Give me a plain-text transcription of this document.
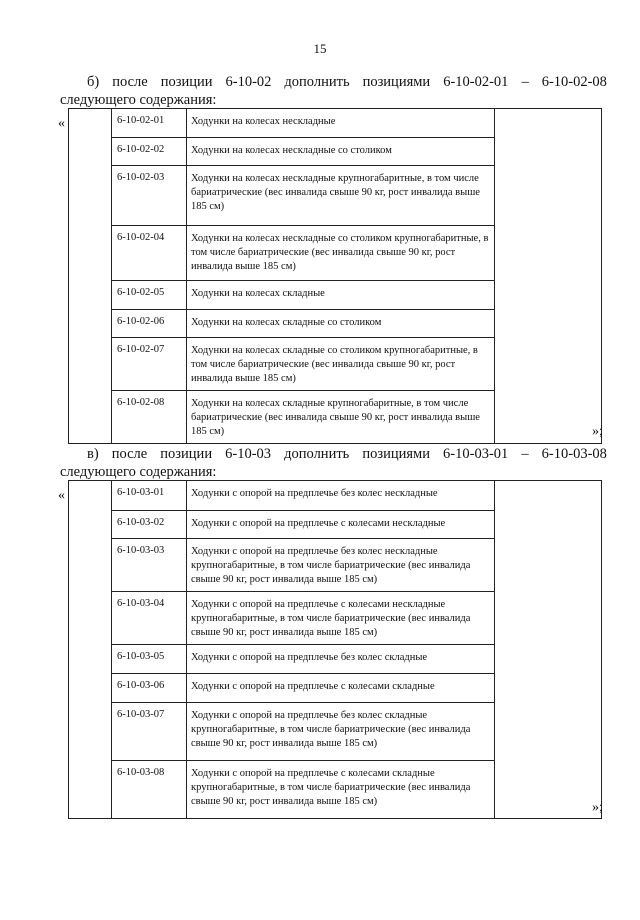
15
б) после позиции 6-10-02 дополнить позициями 6-10-02-01 – 6-10-02-08
следующего содержания:
«
		6-10-02-01	Ходунки на колесах нескладные	
	6-10-02-02	Ходунки на колесах нескладные со столиком	
	6-10-02-03	Ходунки на колесах нескладные крупногабаритные, в том числе бариатрические (вес инвалида свыше 90 кг, рост инвалида выше 185 см)	
	6-10-02-04	Ходунки на колесах нескладные со столиком крупногабаритные, в том числе бариатрические (вес инвалида свыше 90 кг, рост инвалида выше 185 см)	
	6-10-02-05	Ходунки на колесах складные	
	6-10-02-06	Ходунки на колесах складные со столиком	
	6-10-02-07	Ходунки на колесах складные со столиком крупногабаритные, в том числе бариатрические (вес инвалида свыше 90 кг, рост инвалида выше 185 см)	
	6-10-02-08	Ходунки на колесах складные крупногабаритные, в том числе бариатрические (вес инвалида свыше 90 кг, рост инвалида выше 185 см)		»;
в) после позиции 6-10-03 дополнить позициями 6-10-03-01 – 6-10-03-08
следующего содержания:
«
		6-10-03-01	Ходунки с опорой на предплечье без колес нескладные	
	6-10-03-02	Ходунки с опорой на предплечье с колесами нескладные	
	6-10-03-03	Ходунки с опорой на предплечье без колес нескладные крупногабаритные, в том числе бариатрические (вес инвалида свыше 90 кг, рост инвалида выше 185 см)	
	6-10-03-04	Ходунки с опорой на предплечье с колесами нескладные крупногабаритные, в том числе бариатрические (вес инвалида свыше 90 кг, рост инвалида выше 185 см)	
	6-10-03-05	Ходунки с опорой на предплечье без колес складные	
	6-10-03-06	Ходунки с опорой на предплечье с колесами складные	
	6-10-03-07	Ходунки с опорой на предплечье без колес складные крупногабаритные, в том числе бариатрические (вес инвалида свыше 90 кг, рост инвалида выше 185 см)	
	6-10-03-08	Ходунки с опорой на предплечье с колесами складные крупногабаритные, в том числе бариатрические (вес инвалида свыше 90 кг, рост инвалида выше 185 см)		»;
